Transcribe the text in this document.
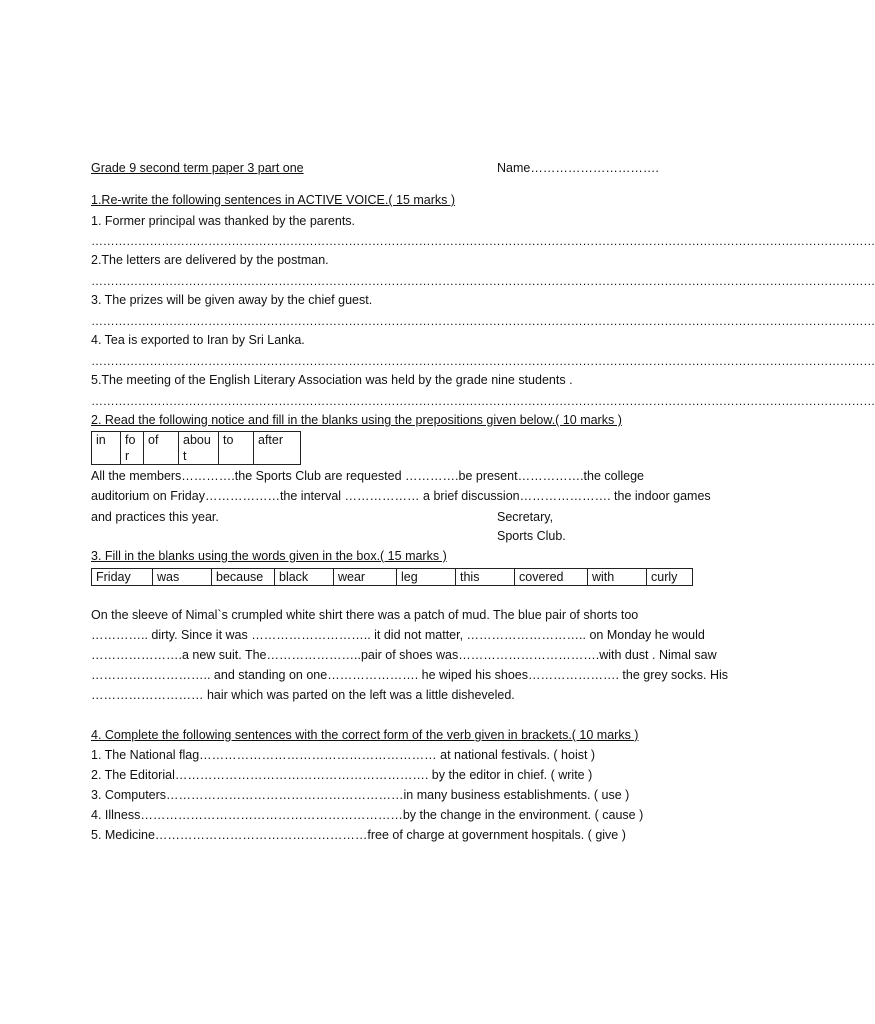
Grade 9 second term paper 3 part one	Name………………………….
1.Re-write the following sentences in ACTIVE VOICE.( 15 marks )
1. Former principal was thanked by the parents.
…………………………………………………………………………………………………………………………………………………………………………………
2.The letters are delivered by the postman.
…………………………………………………………………………………………………………………………………………………………………………………
3. The prizes will be given away by the chief guest.
…………………………………………………………………………………………………………………………………………………………………………………
4. Tea is exported to Iran by Sri Lanka.
…………………………………………………………………………………………………………………………………………………………………………………
5.The meeting of the English Literary Association was held by the grade nine students .
…………………………………………………………………………………………………………………………………………………………………………………
2. Read the following notice and fill in the blanks using the prepositions given below.( 10 marks )
in	for	of	about	to	after
All the members………….the Sports Club are requested ………….be present…………….the college
auditorium on Friday………………the interval ……………… a brief discussion…………………. the indoor games
and practices this year.	Secretary,
Sports Club.
3. Fill in the blanks using the words given in the box.( 15 marks )
Friday	was	because	black	wear	leg	this	covered	with	curly
On the sleeve of Nimal`s crumpled white shirt there was a patch of mud. The blue pair of shorts too
………….. dirty. Since it was ……………………….. it did not matter, ……………………….. on Monday he would
………………….a new suit. The…………………..pair of shoes was…………………………….with dust . Nimal saw
……………………….. and standing on one…………………. he wiped his shoes…………………. the grey socks. His
……………………… hair which was parted on the left was a little disheveled.
4. Complete the following sentences with the correct form of the verb given in brackets.( 10 marks )
1. The National flag………………………………………………… at national festivals. ( hoist )
2. The Editorial……………………………………………………. by the editor in chief. ( write )
3. Computers…………………………………………………in many business establishments. ( use )
4. Illness………………………………………………………by the change in the environment. ( cause )
5. Medicine……………………………………………free of charge at government hospitals. ( give )
